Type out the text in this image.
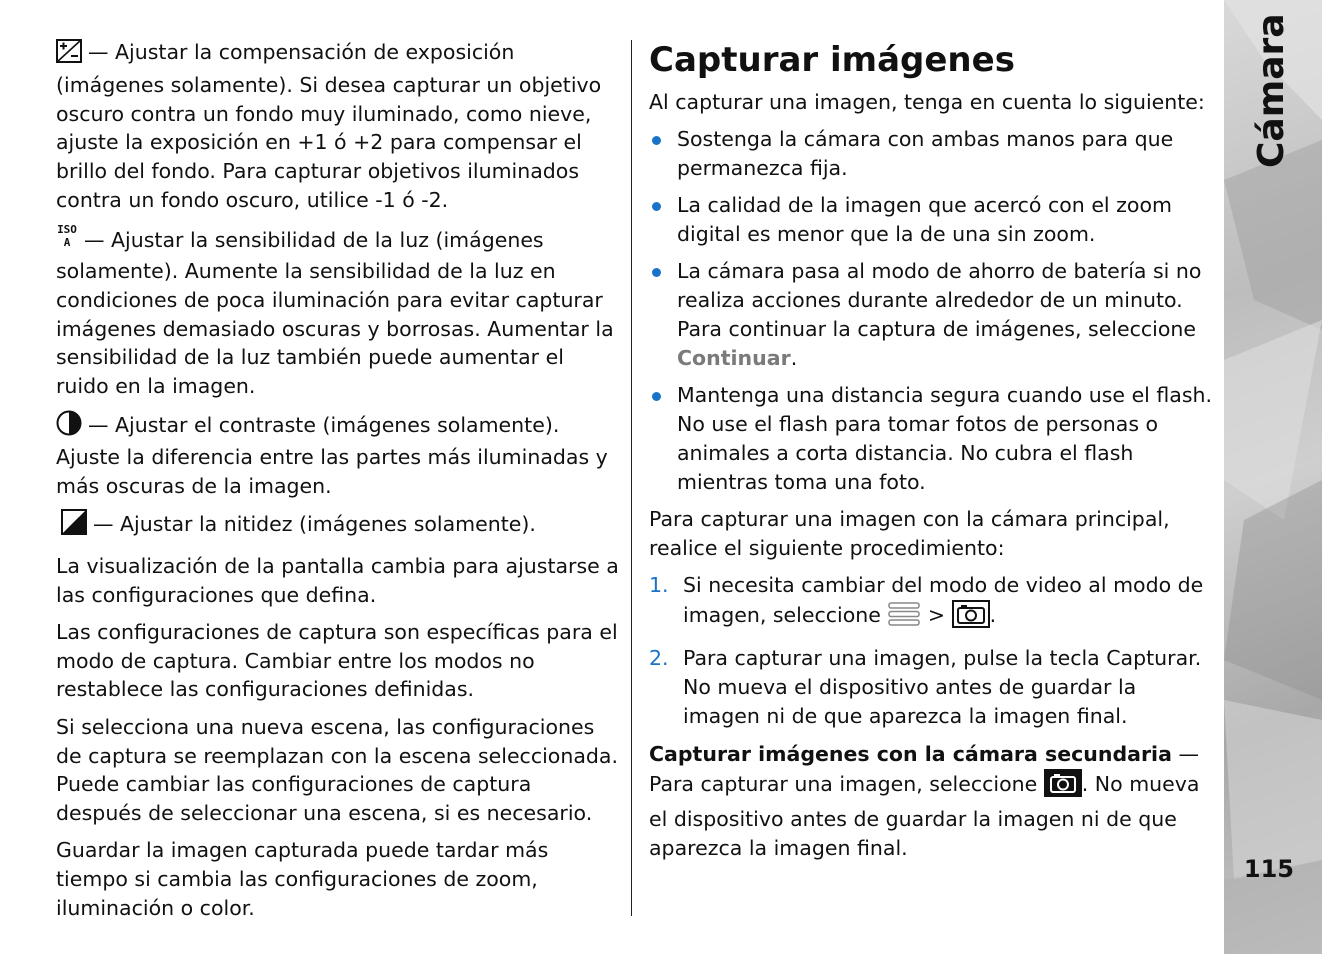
— Ajustar la compensación de exposición (imágenes solamente). Si desea capturar un objetivo oscuro contra un fondo muy iluminado, como nieve, ajuste la exposición en +1 ó +2 para compensar el brillo del fondo. Para capturar objetivos iluminados contra un fondo oscuro, utilice -1 ó -2.

ISO
A — Ajustar la sensibilidad de la luz (imágenes solamente). Aumente la sensibilidad de la luz en condiciones de poca iluminación para evitar capturar imágenes demasiado oscuras y borrosas. Aumentar la sensibilidad de la luz también puede aumentar el ruido en la imagen.

— Ajustar el contraste (imágenes solamente). Ajuste la diferencia entre las partes más iluminadas y más oscuras de la imagen.

— Ajustar la nitidez (imágenes solamente).

La visualización de la pantalla cambia para ajustarse a las configuraciones que defina.

Las configuraciones de captura son específicas para el modo de captura. Cambiar entre los modos no restablece las configuraciones definidas.

Si selecciona una nueva escena, las configuraciones de captura se reemplazan con la escena seleccionada. Puede cambiar las configuraciones de captura después de seleccionar una escena, si es necesario.

Guardar la imagen capturada puede tardar más tiempo si cambia las configuraciones de zoom, iluminación o color.

Capturar imágenes

Al capturar una imagen, tenga en cuenta lo siguiente:

Sostenga la cámara con ambas manos para que permanezca fija.
La calidad de la imagen que acercó con el zoom digital es menor que la de una sin zoom.
La cámara pasa al modo de ahorro de batería si no realiza acciones durante alrededor de un minuto. Para continuar la captura de imágenes, seleccione Continuar.
Mantenga una distancia segura cuando use el flash. No use el flash para tomar fotos de personas o animales a corta distancia. No cubra el flash mientras toma una foto.

Para capturar una imagen con la cámara principal, realice el siguiente procedimiento:

1. Si necesita cambiar del modo de video al modo de imagen, seleccione  > .
2. Para capturar una imagen, pulse la tecla Capturar. No mueva el dispositivo antes de guardar la imagen ni de que aparezca la imagen final.

Capturar imágenes con la cámara secundaria —
Para capturar una imagen, seleccione . No mueva el dispositivo antes de guardar la imagen ni de que aparezca la imagen final.

Cámara
115
